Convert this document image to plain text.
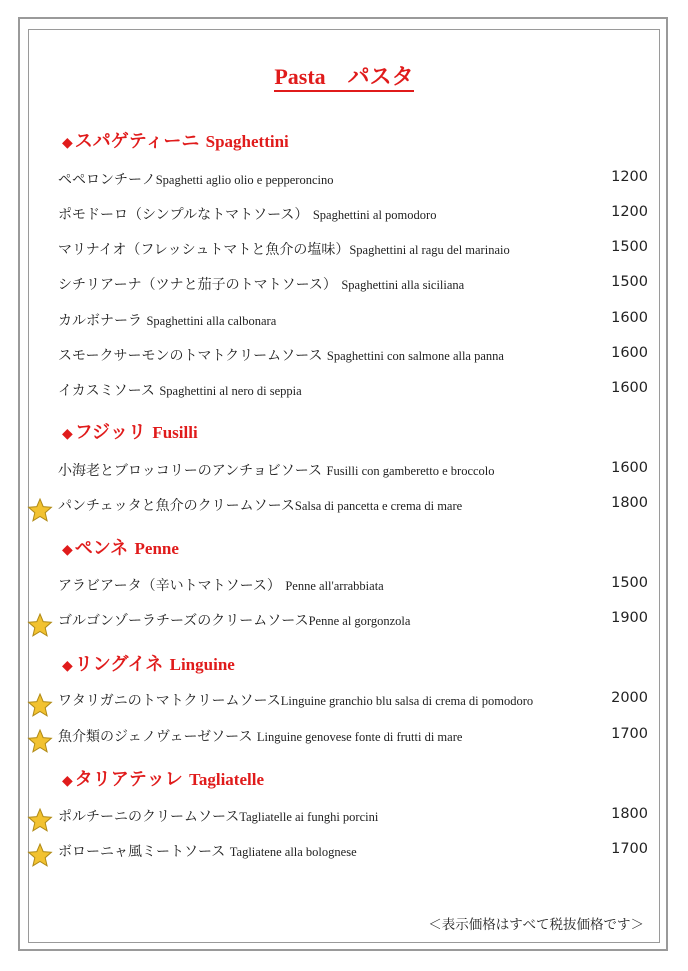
Pasta パスタ
◆ スパゲティーニ Spaghettini
ペペロンチーノSpaghetti aglio olio e pepperoncino	1200
ポモドーロ（シンプルなトマトソース） Spaghettini al pomodoro	1200
マリナイオ（フレッシュトマトと魚介の塩味）Spaghettini al ragu del marinaio	1500
シチリアーナ（ツナと茄子のトマトソース） Spaghettini alla siciliana	1500
カルボナーラ Spaghettini alla calbonara	1600
スモークサーモンのトマトクリームソース Spaghettini con salmone alla panna	1600
イカスミソース Spaghettini al nero di seppia	1600
◆ フジッリ Fusilli
小海老とブロッコリーのアンチョビソース Fusilli con gamberetto e broccolo	1600
パンチェッタと魚介のクリームソースSalsa di pancetta e crema di mare	1800
◆ ペンネ Penne
アラビアータ（辛いトマトソース） Penne all'arrabbiata	1500
ゴルゴンゾーラチーズのクリームソースPenne al gorgonzola	1900
◆ リングイネ Linguine
ワタリガニのトマトクリームソースLinguine granchio blu salsa di crema di pomodoro	2000
魚介類のジェノヴェーゼソース Linguine genovese fonte di frutti di mare	1700
◆ タリアテッレ Tagliatelle
ポルチーニのクリームソースTagliatelle ai funghi porcini	1800
ボローニャ風ミートソース Tagliatene alla bolognese	1700
＜表示価格はすべて税抜価格です＞
